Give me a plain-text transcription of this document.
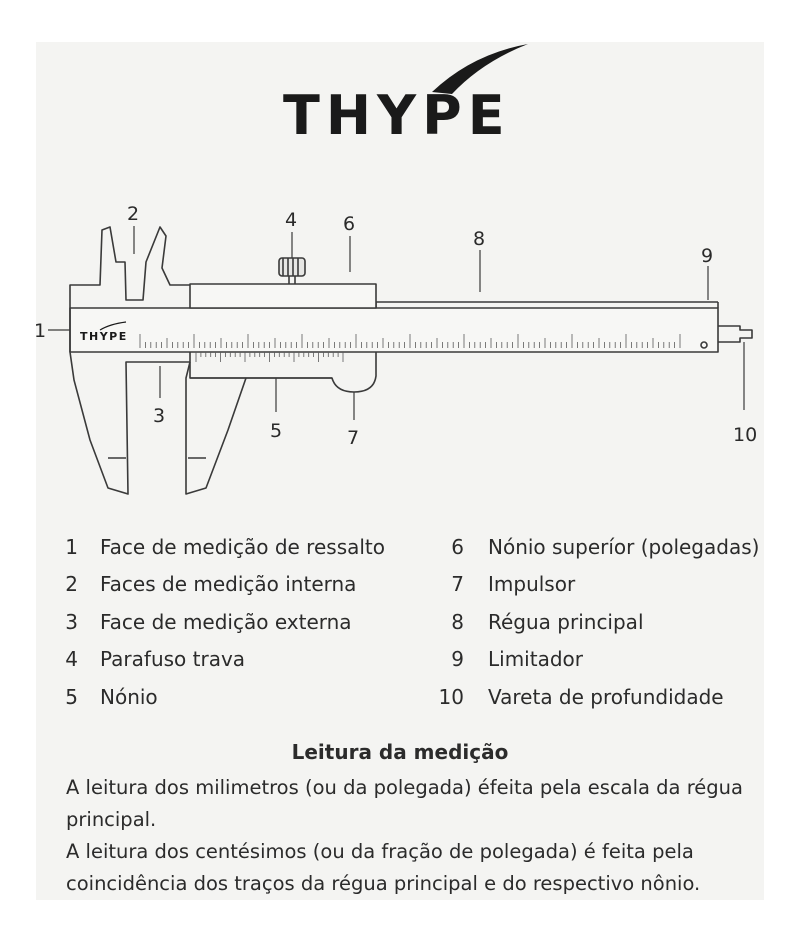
THYPE
THYPE
1
2
3
4
5
6
7
8
9
10
1 Face de medição de ressalto
2 Faces de medição interna
3 Face de medição externa
4 Parafuso trava
5 Nónio
6 Nónio superíor (polegadas)
7 Impulsor
8 Régua principal
9 Limitador
10 Vareta de profundidade
Leitura da medição
A leitura dos milimetros (ou da polegada) éfeita pela escala da régua principal.
A leitura dos centésimos (ou da fração de polegada) é feita pela coincidência dos traços da régua principal e do respectivo nônio.
